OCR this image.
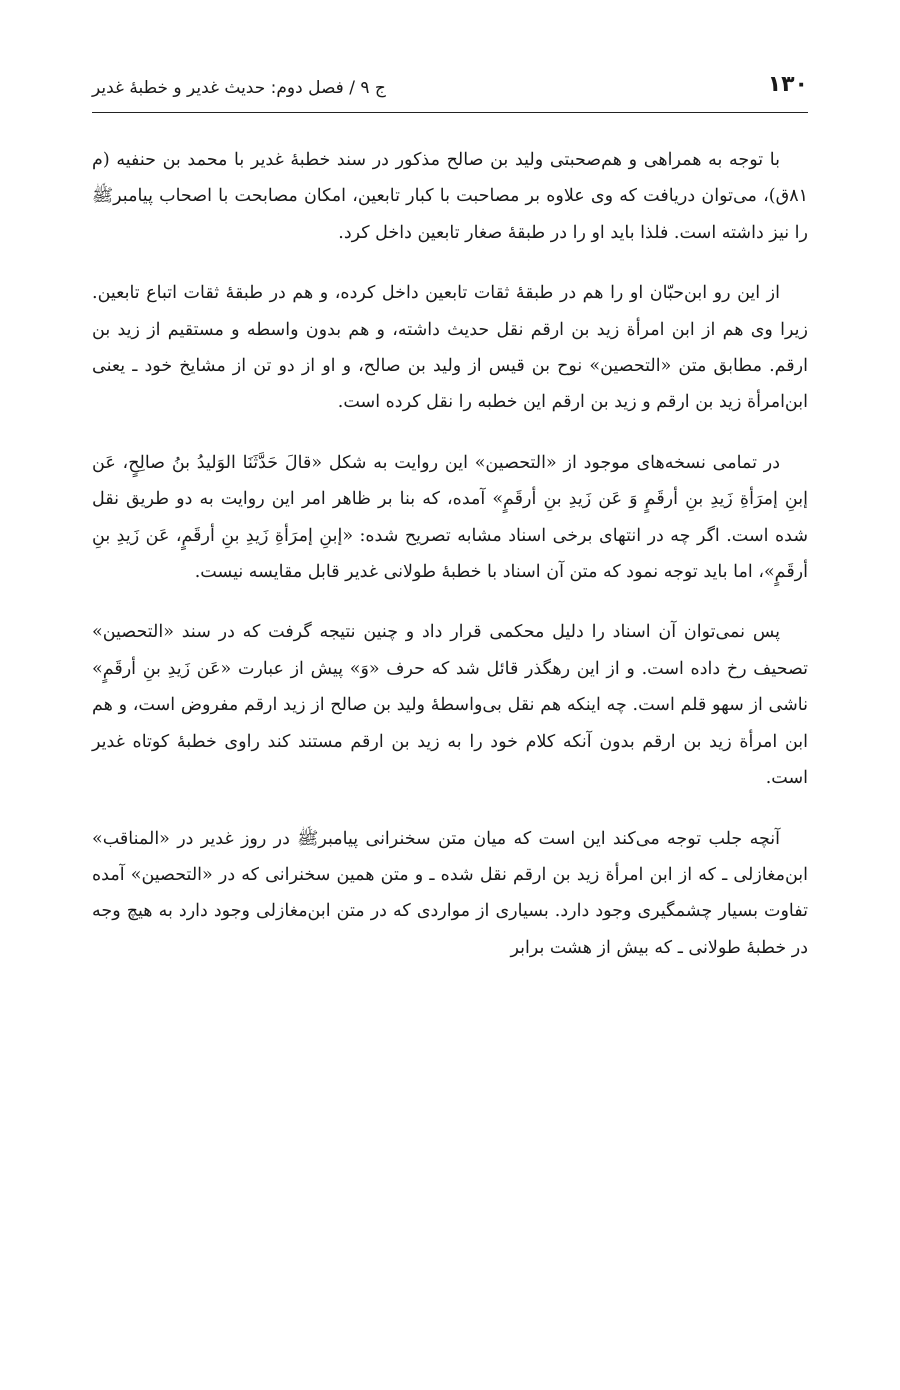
۱۳۰
ج ۹ / فصل دوم: حدیث غدیر و خطبهٔ غدیر

با توجه به همراهی و هم‌صحبتی ولید بن صالح مذکور در سند خطبهٔ غدیر با محمد بن حنفیه (م ۸۱ق)، می‌توان دریافت که وی علاوه بر مصاحبت با کبار تابعین، امکان مصابحت با اصحاب پیامبرﷺ را نیز داشته است. فلذا باید او را در طبقهٔ صغار تابعین داخل کرد.

از این رو ابن‌حبّان او را هم در طبقهٔ ثقات تابعین داخل کرده، و هم در طبقهٔ ثقات اتباع تابعین. زیرا وی هم از ابن امرأة زید بن ارقم نقل حدیث داشته، و هم بدون واسطه و مستقیم از زید بن ارقم. مطابق متن «التحصین» نوح بن قیس از ولید بن صالح، و او از دو تن از مشایخ خود ـ یعنی ابن‌امرأة زید بن ارقم و زید بن ارقم این خطبه را نقل کرده است.

در تمامی نسخه‌های موجود از «التحصین» این روایت به شکل «قالَ حَدَّثَنَا الوَلیدُ بنُ صالِحٍ، عَن إبنِ إمرَأةِ زَیدِ بنِ أرقَمٍ وَ عَن زَیدِ بنِ أرقَمٍ» آمده، که بنا بر ظاهر امر این روایت به دو طریق نقل شده است. اگر چه در انتهای برخی اسناد مشابه تصریح شده: «إبنِ إمرَأةِ زَیدِ بنِ أرقَمٍ، عَن زَیدِ بنِ أرقَمٍ»، اما باید توجه نمود که متن آن اسناد با خطبهٔ طولانی غدیر قابل مقایسه نیست.

پس نمی‌توان آن اسناد را دلیل محکمی قرار داد و چنین نتیجه گرفت که در سند «التحصین» تصحیف رخ داده است. و از این رهگذر قائل شد که حرف «وَ» پیش از عبارت «عَن زَیدِ بنِ أرقَمٍ» ناشی از سهو قلم است. چه اینکه هم نقل بی‌واسطهٔ ولید بن صالح از زید ارقم مفروض است، و هم ابن امرأة زید بن ارقم بدون آنکه کلام خود را به زید بن ارقم مستند کند راوی خطبهٔ کوتاه غدیر است.

آنچه جلب توجه می‌کند این است که میان متن سخنرانی پیامبرﷺ در روز غدیر در «المناقب» ابن‌مغازلی ـ که از ابن امرأة زید بن ارقم نقل شده ـ و متن همین سخنرانی که در «التحصین» آمده تفاوت بسیار چشمگیری وجود دارد. بسیاری از مواردی که در متن ابن‌مغازلی وجود دارد به هیچ وجه در خطبهٔ طولانی ـ که بیش از هشت برابر
